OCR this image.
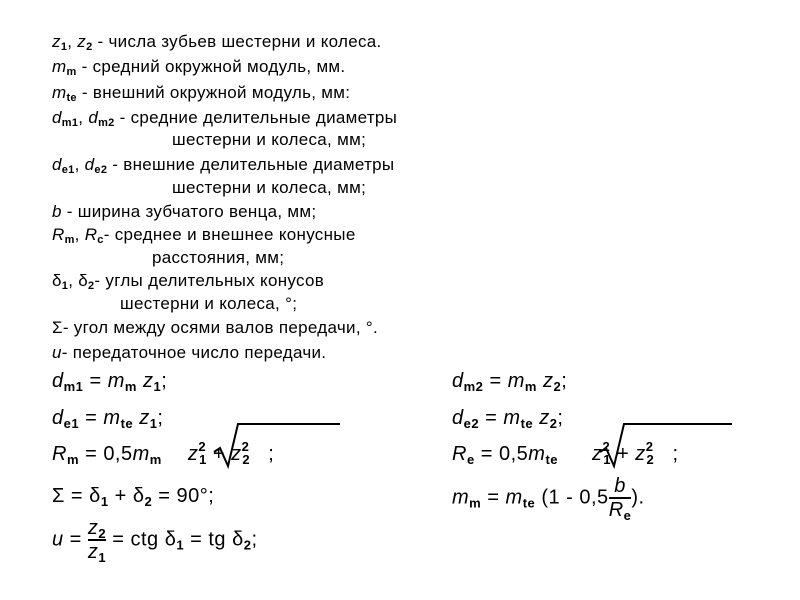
$z_1$, $z_2$ - числа зубьев шестерни и колеса.
$m_m$ - средний окружной модуль, мм.
$m_{te}$ - внешний окружной модуль, мм:
$d_{m1}$, $d_{m2}$ - средние делительные диаметры
шестерни и колеса, мм;
$d_{e1}$, $d_{e2}$ - внешние делительные диаметры
шестерни и колеса, мм;
b - ширина зубчатого венца, мм;
$R_m$, $R_c-$ среднее и внешнее конусные
расстояния, мм;
$\delta_1$, $\delta_2-$ углы делительных конусов
шестерни и колеса, °;
Σ- угол между осями валов передачи, °.
u- передаточное число передачи.
$d_{m1} = m_m$ $z_1$;	$d_{m2} = m_m$ $z_2$;
$d_{e1} = m_{te}$ $z_1$;	$d_{e2} = m_{te}$ $z_2$;
$R_m = 0,5m_m$ $z^2_1 + z^2_2$ ;	$R_e = 0,5m_{te}$ $z^2_1 + z^2_2$ ;
$\Sigma = \delta_1 + \delta_2 = 90^\circ$;	$m_m = m_{te}$ ($1 - 0,5 \frac{b}{R_e}$ ).
$u = \frac{z_2}{z_1}$ = ctg $\delta_1$ = tg $\delta_2$;
